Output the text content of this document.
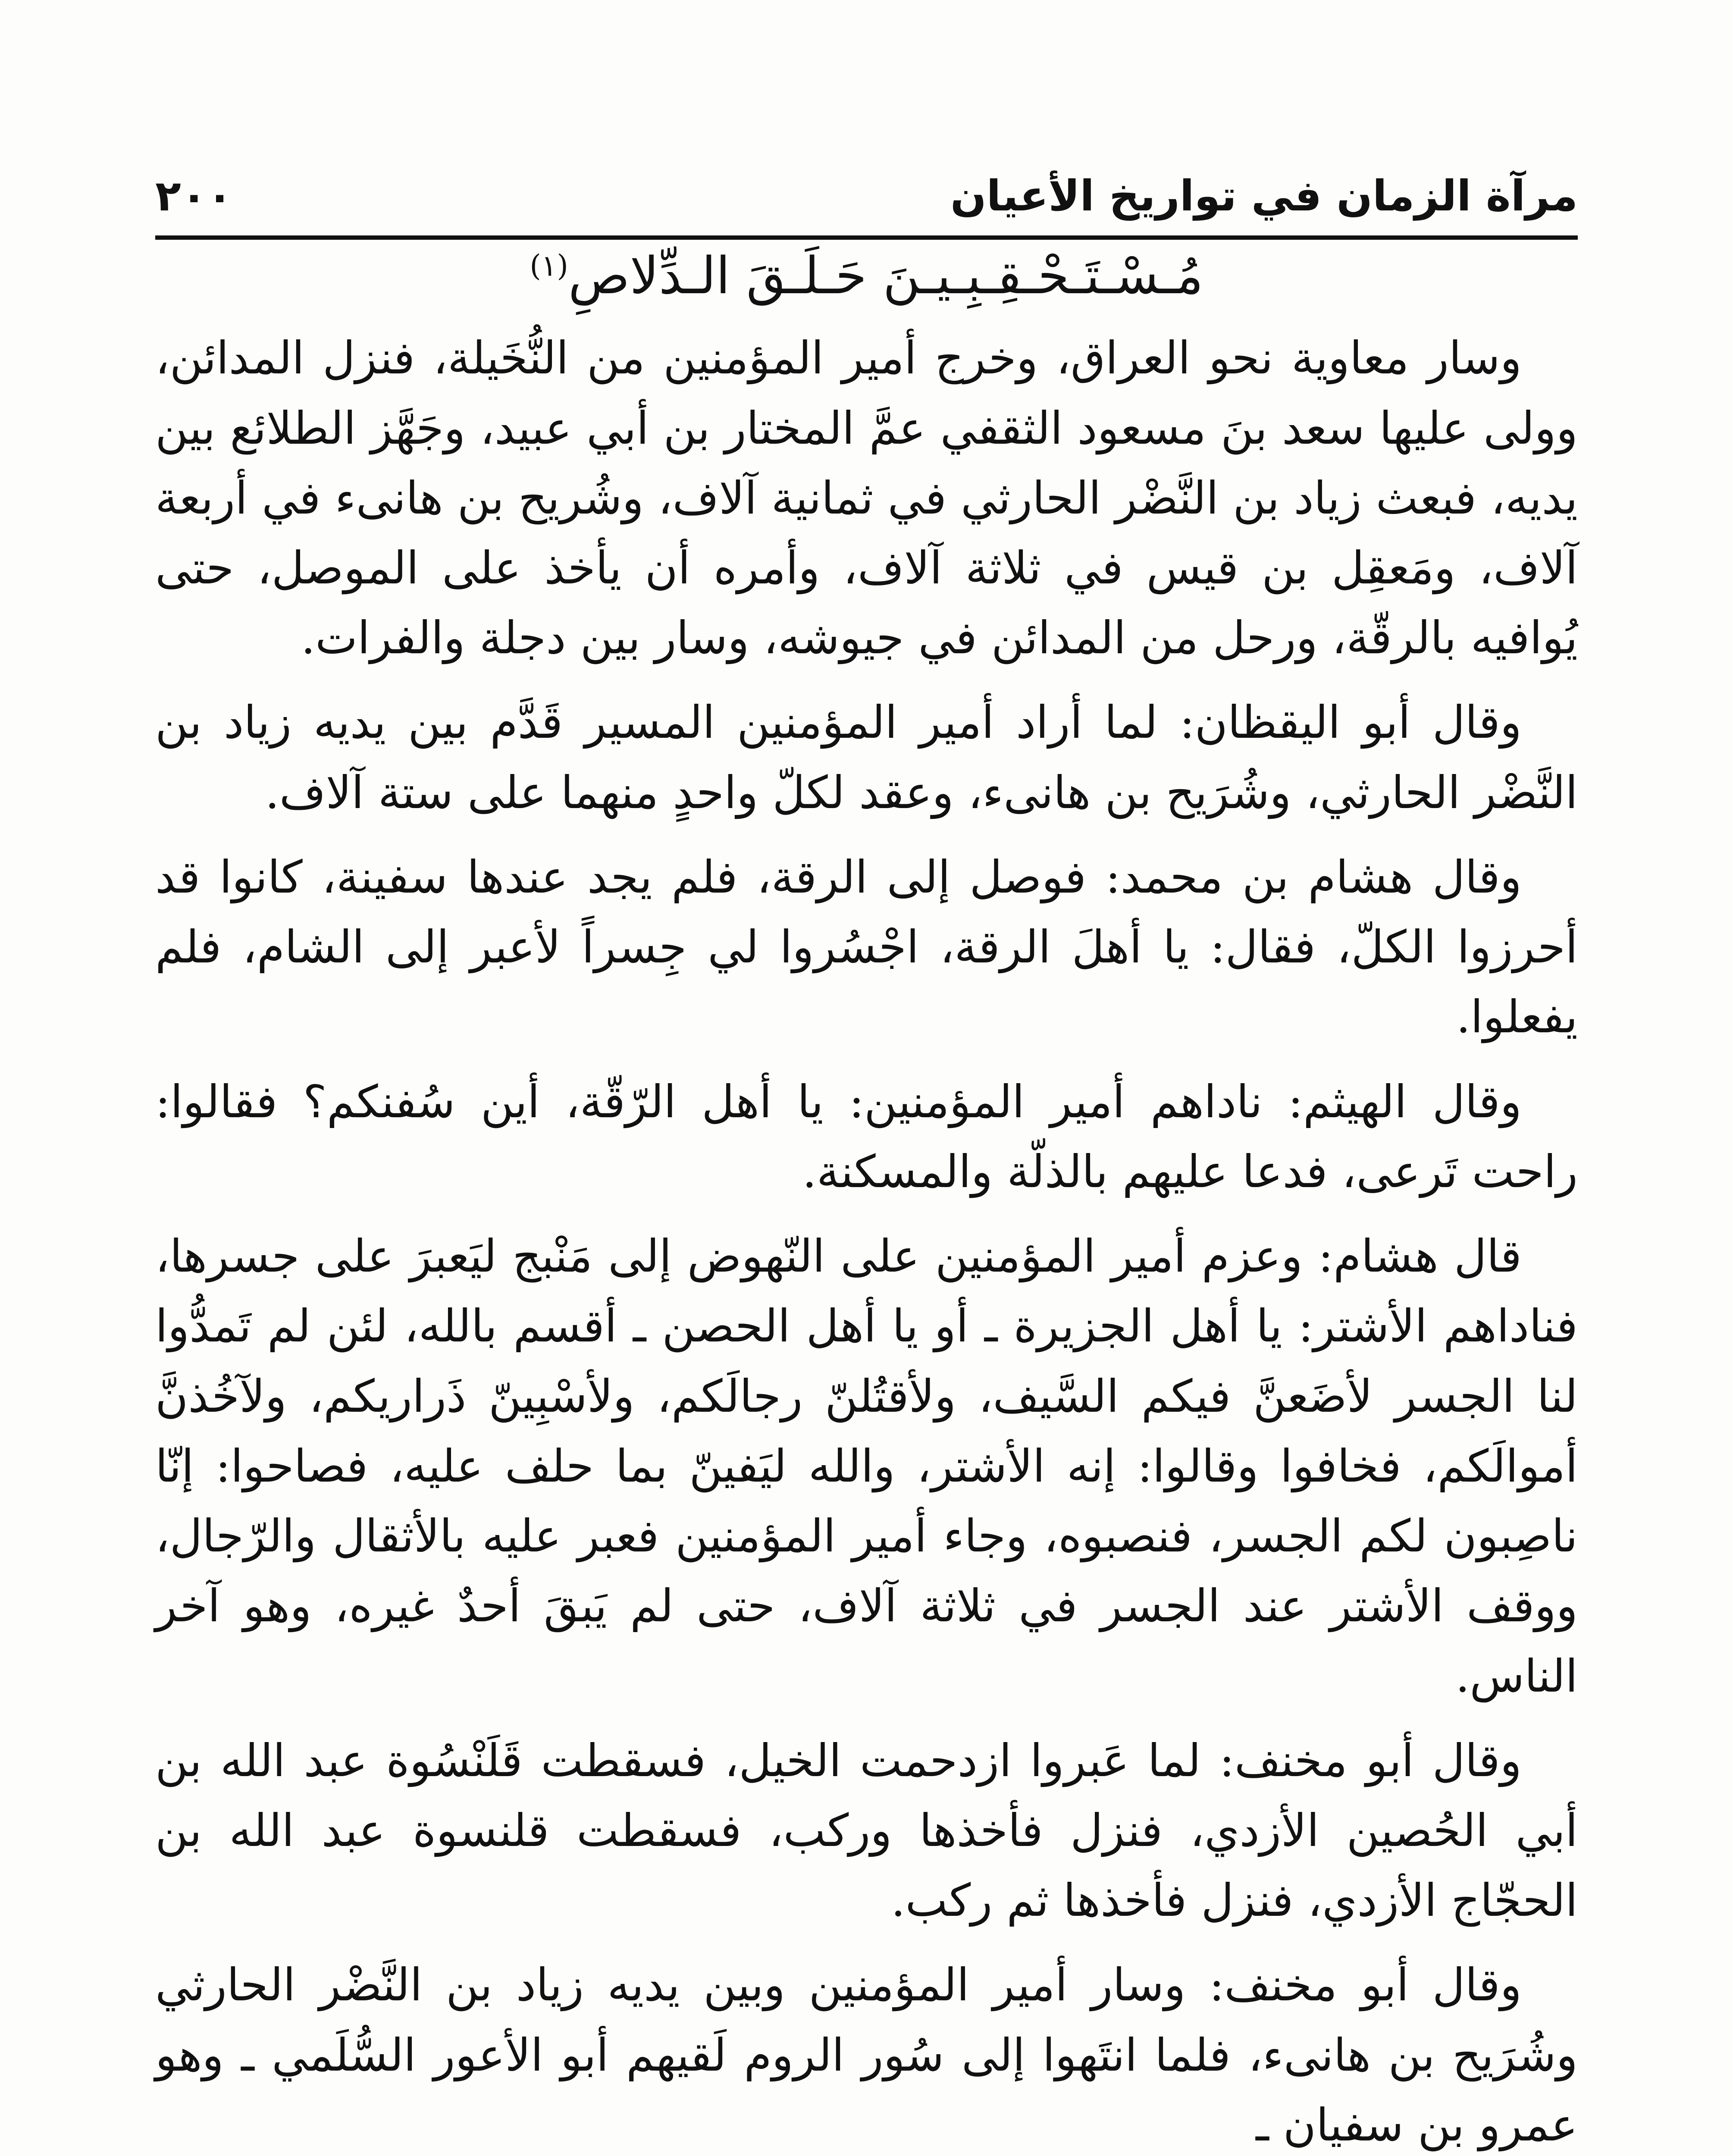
مرآة الزمان في تواريخ الأعيان
٢٠٠

مُـسْـتَـحْـقِـبِـيـنَ حَـلَـقَ الـدِّلاصِ$^{(١)}$

وسار معاوية نحو العراق، وخرج أمير المؤمنين من النُّخَيلة، فنزل المدائن، وولى عليها سعد بنَ مسعود الثقفي عمَّ المختار بن أبي عبيد، وجَهَّز الطلائع بين يديه، فبعث زياد بن النَّضْر الحارثي في ثمانية آلاف، وشُريح بن هانىء في أربعة آلاف، ومَعقِل بن قيس في ثلاثة آلاف، وأمره أن يأخذ على الموصل، حتى يُوافيه بالرقّة، ورحل من المدائن في جيوشه، وسار بين دجلة والفرات.

وقال أبو اليقظان: لما أراد أمير المؤمنين المسير قَدَّم بين يديه زياد بن النَّضْر الحارثي، وشُرَيح بن هانىء، وعقد لكلّ واحدٍ منهما على ستة آلاف.

وقال هشام بن محمد: فوصل إلى الرقة، فلم يجد عندها سفينة، كانوا قد أحرزوا الكلّ، فقال: يا أهلَ الرقة، اجْسُروا لي جِسراً لأعبر إلى الشام، فلم يفعلوا.

وقال الهيثم: ناداهم أمير المؤمنين: يا أهل الرّقّة، أين سُفنكم؟ فقالوا: راحت تَرعى، فدعا عليهم بالذلّة والمسكنة.

قال هشام: وعزم أمير المؤمنين على النّهوض إلى مَنْبج ليَعبرَ على جسرها، فناداهم الأشتر: يا أهل الجزيرة ـ أو يا أهل الحصن ـ أقسم بالله، لئن لم تَمدُّوا لنا الجسر لأضَعنَّ فيكم السَّيف، ولأقتُلنّ رجالَكم، ولأسْبِينّ ذَراريكم، ولآخُذنَّ أموالَكم، فخافوا وقالوا: إنه الأشتر، والله ليَفينّ بما حلف عليه، فصاحوا: إنّا ناصِبون لكم الجسر، فنصبوه، وجاء أمير المؤمنين فعبر عليه بالأثقال والرّجال، ووقف الأشتر عند الجسر في ثلاثة آلاف، حتى لم يَبقَ أحدٌ غيره، وهو آخر الناس.

وقال أبو مخنف: لما عَبروا ازدحمت الخيل، فسقطت قَلَنْسُوة عبد الله بن أبي الحُصين الأزدي، فنزل فأخذها وركب، فسقطت قلنسوة عبد الله بن الحجّاج الأزدي، فنزل فأخذها ثم ركب.

وقال أبو مخنف: وسار أمير المؤمنين وبين يديه زياد بن النَّضْر الحارثي وشُرَيح بن هانىء، فلما انتَهوا إلى سُور الروم لَقيهم أبو الأعور السُّلَمي ـ وهو عمرو بن سفيان ـ
